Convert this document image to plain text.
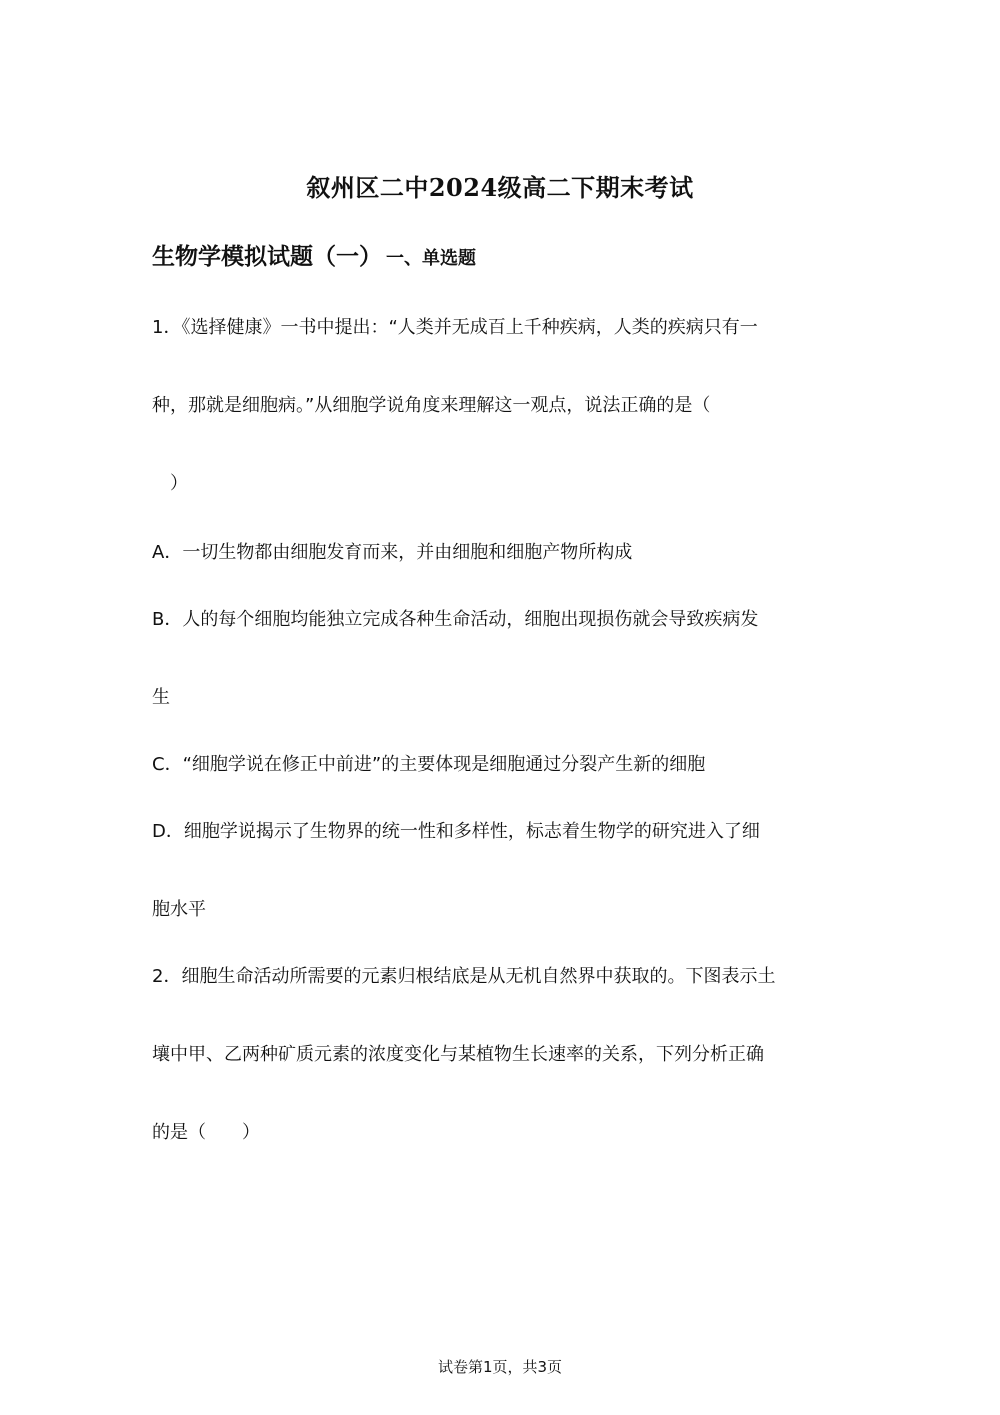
叙州区二中2024级高二下期末考试
生物学模拟试题（一） 一、单选题
1．《选择健康》一书中提出：“人类并无成百上千种疾病，人类的疾病只有一
种，那就是细胞病。”从细胞学说角度来理解这一观点，说法正确的是（
）
A．一切生物都由细胞发育而来，并由细胞和细胞产物所构成
B．人的每个细胞均能独立完成各种生命活动，细胞出现损伤就会导致疾病发
生
C．“细胞学说在修正中前进”的主要体现是细胞通过分裂产生新的细胞
D．细胞学说揭示了生物界的统一性和多样性，标志着生物学的研究进入了细
胞水平
2．细胞生命活动所需要的元素归根结底是从无机自然界中获取的。下图表示土
壤中甲、乙两种矿质元素的浓度变化与某植物生长速率的关系，下列分析正确
的是（　　）
试卷第1页，共3页
